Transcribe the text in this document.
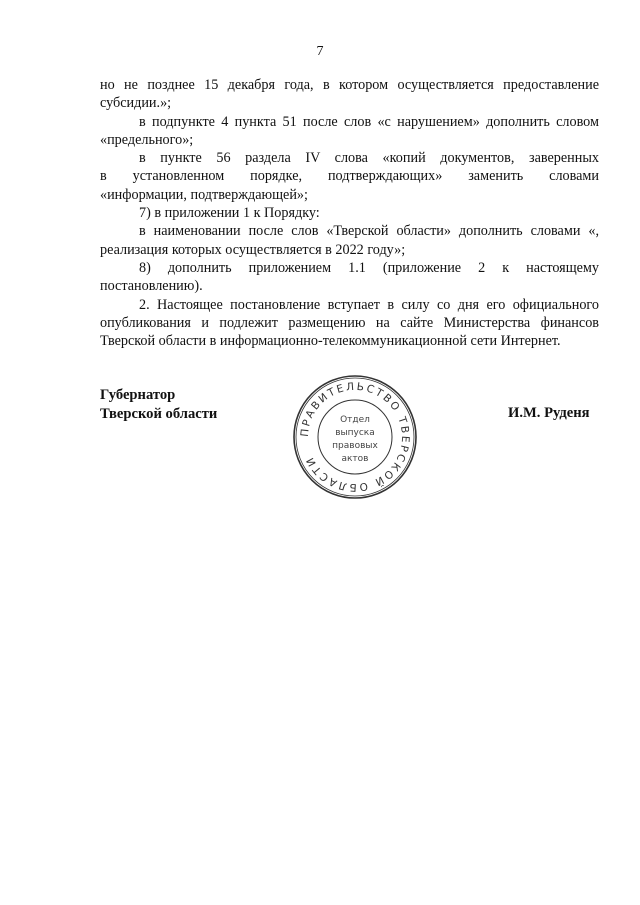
7

но не позднее 15 декабря года, в котором осуществляется предоставление субсидии.»;

в подпункте 4 пункта 51 после слов «с нарушением» дополнить словом «предельного»;

в пункте 56 раздела IV слова «копий документов, заверенных

в установленном порядке, подтверждающих» заменить словами

«информации, подтверждающей»;

7) в приложении 1 к Порядку:

в наименовании после слов «Тверской области» дополнить словами «, реализация которых осуществляется в 2022 году»;

8) дополнить приложением 1.1 (приложение 2 к настоящему постановлению).

2. Настоящее постановление вступает в силу со дня его официального опубликования и подлежит размещению на сайте Министерства финансов Тверской области в информационно-телекоммуникационной сети Интернет.

Губернатор
Тверской области
ПРАВИТЕЛЬСТВО ТВЕРСКОЙ ОБЛАСТИ
Отдел
выпуска
правовых
актов
И.М. Руденя
